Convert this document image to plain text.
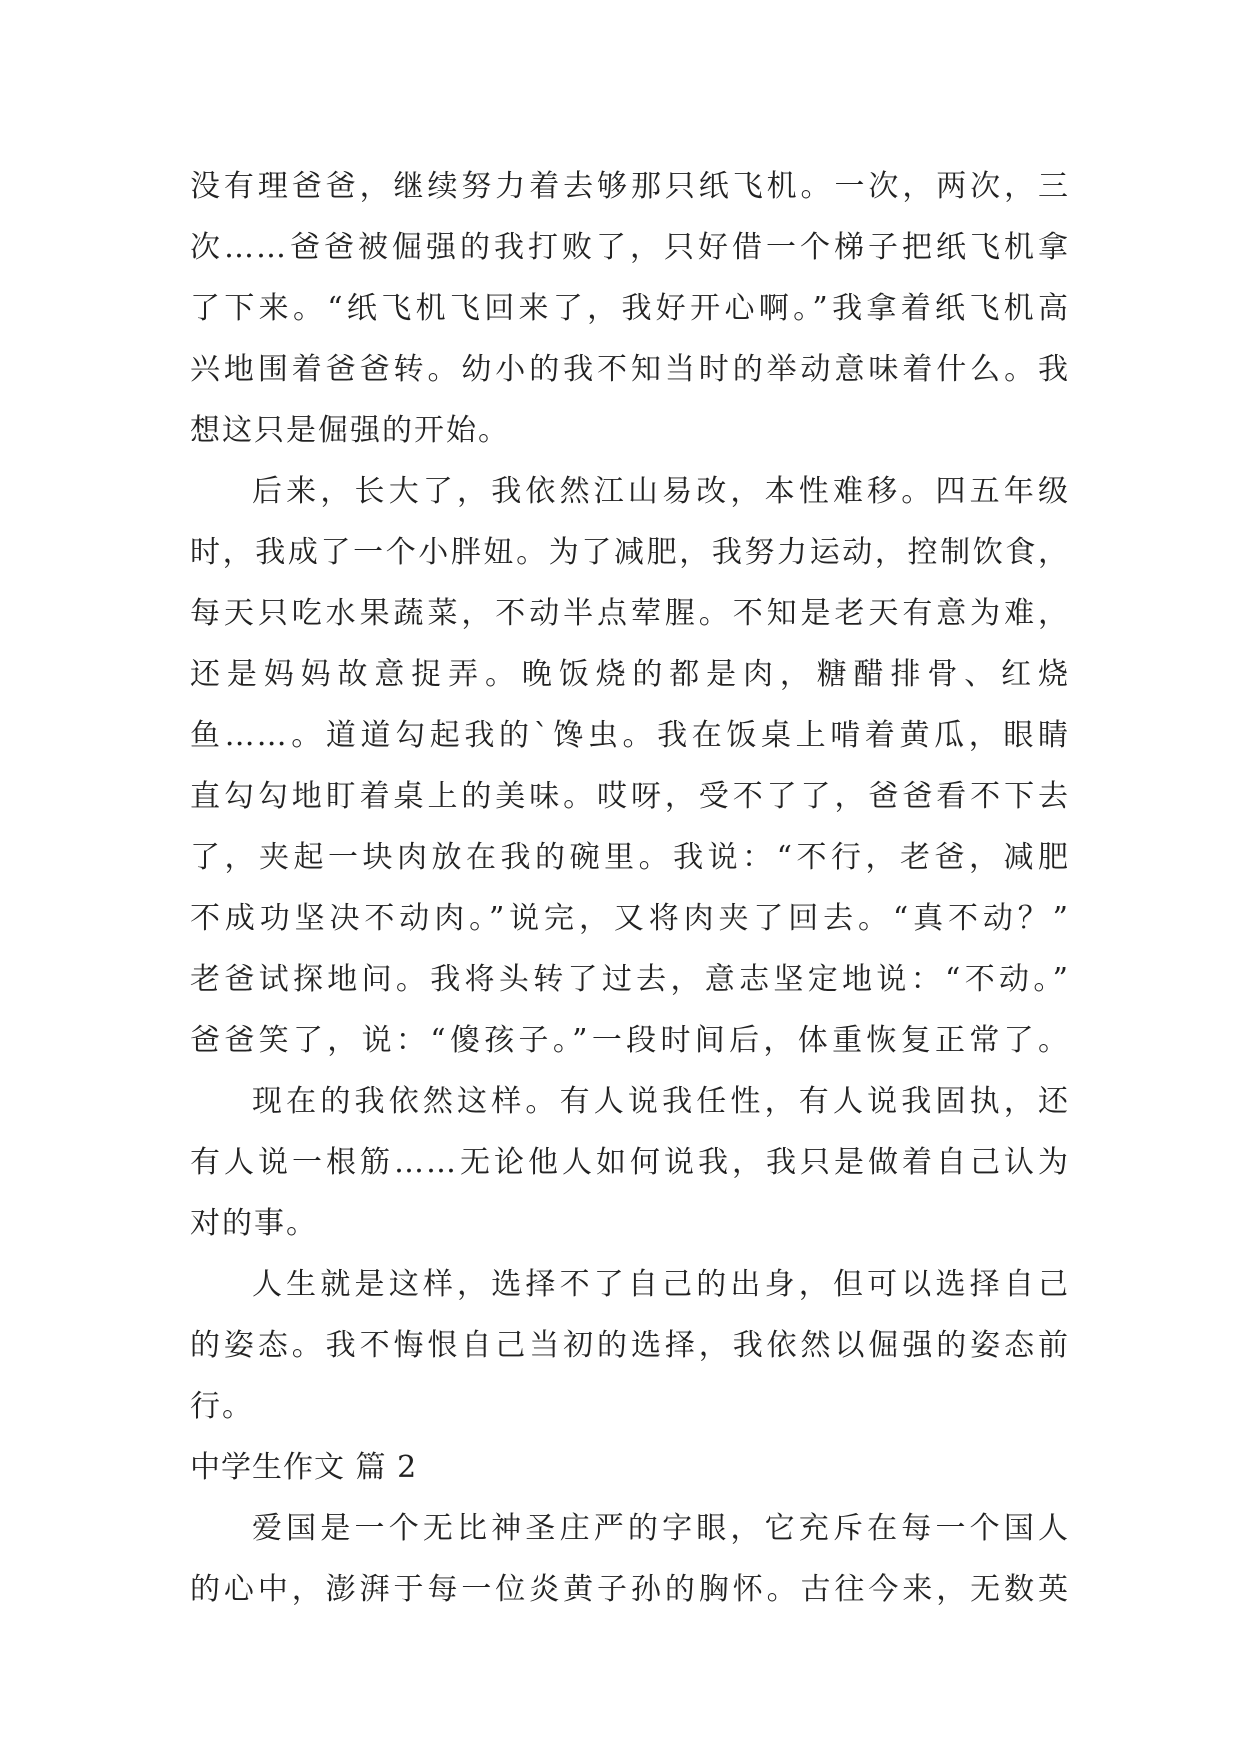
没有理爸爸，继续努力着去够那只纸飞机。一次，两次，三
次……爸爸被倔强的我打败了，只好借一个梯子把纸飞机拿
了下来。“纸飞机飞回来了，我好开心啊。”我拿着纸飞机高
兴地围着爸爸转。幼小的我不知当时的举动意味着什么。我
想这只是倔强的开始。
后来，长大了，我依然江山易改，本性难移。四五年级
时，我成了一个小胖妞。为了减肥，我努力运动，控制饮食，
每天只吃水果蔬菜，不动半点荤腥。不知是老天有意为难，
还是妈妈故意捉弄。晚饭烧的都是肉，糖醋排骨、红烧
鱼……。道道勾起我的`馋虫。我在饭桌上啃着黄瓜，眼睛
直勾勾地盯着桌上的美味。哎呀，受不了了，爸爸看不下去
了，夹起一块肉放在我的碗里。我说：“不行，老爸，减肥
不成功坚决不动肉。”说完，又将肉夹了回去。“真不动？”
老爸试探地问。我将头转了过去，意志坚定地说：“不动。”
爸爸笑了，说：“傻孩子。”一段时间后，体重恢复正常了。
现在的我依然这样。有人说我任性，有人说我固执，还
有人说一根筋……无论他人如何说我，我只是做着自己认为
对的事。
人生就是这样，选择不了自己的出身，但可以选择自己
的姿态。我不悔恨自己当初的选择，我依然以倔强的姿态前
行。
中学生作文 篇 2
爱国是一个无比神圣庄严的字眼，它充斥在每一个国人
的心中，澎湃于每一位炎黄子孙的胸怀。古往今来，无数英
